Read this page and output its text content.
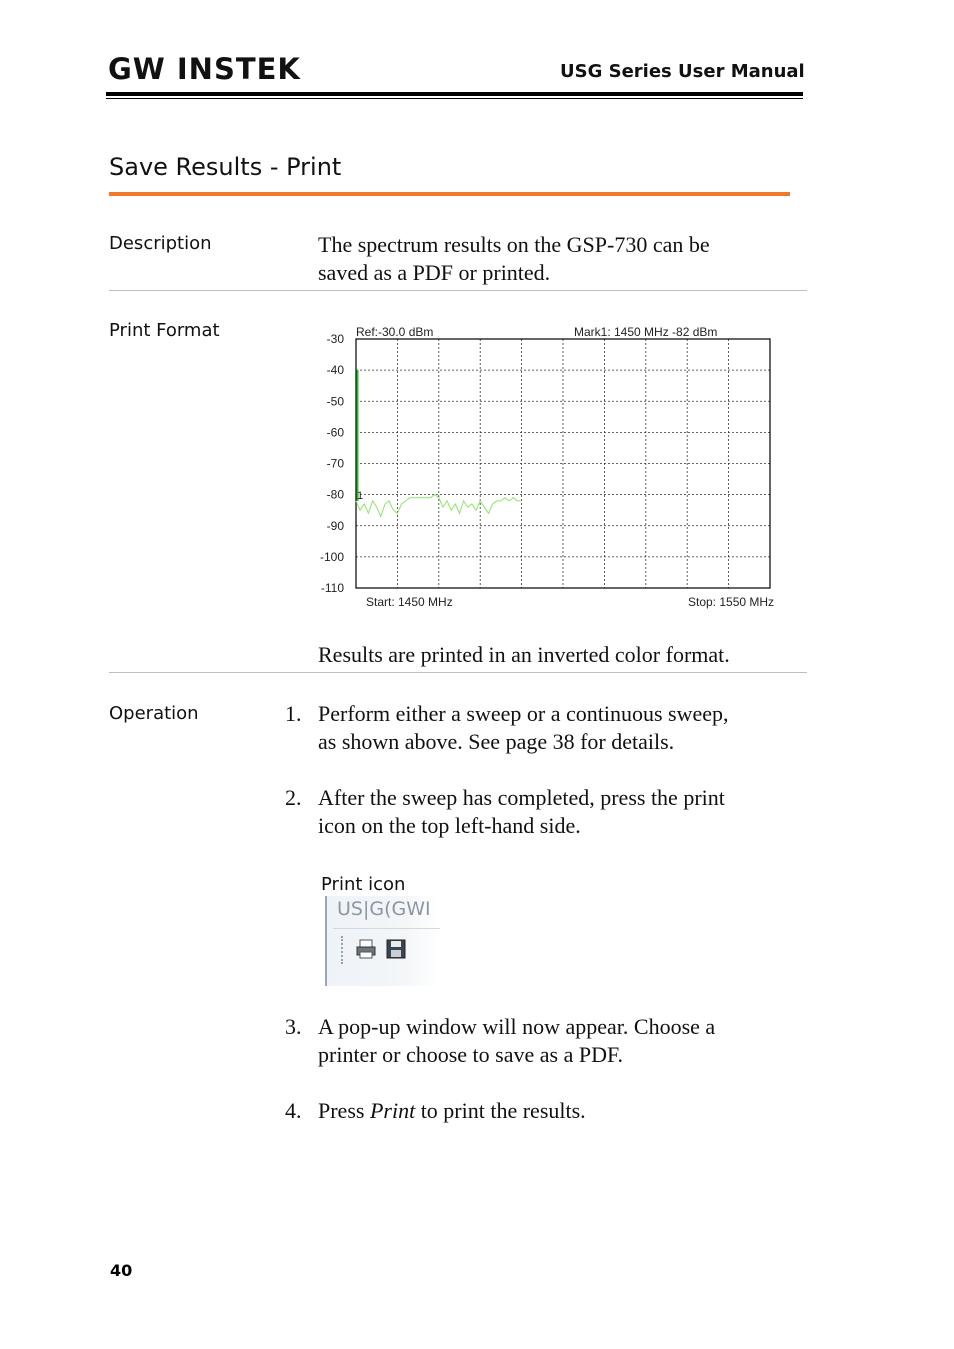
GW INSTEK	USG Series User Manual
Save Results - Print
Description	The spectrum results on the GSP-730 can be
saved as a PDF or printed.
Print Format	-30
-40
-50
-60
-70
-80
-90
-100
-110
Ref:-30.0 dBm	Mark1: 1450 MHz -82 dBm
Start: 1450 MHz	Stop: 1550 MHz
1
Results are printed in an inverted color format.
Operation	1. Perform either a sweep or a continuous sweep,
as shown above. See page 38 for details.
2. After the sweep has completed, press the print
icon on the top left-hand side.
Print icon
US|G(GWI
3. A pop-up window will now appear. Choose a
printer or choose to save as a PDF.
4. Press Print to print the results.
40
